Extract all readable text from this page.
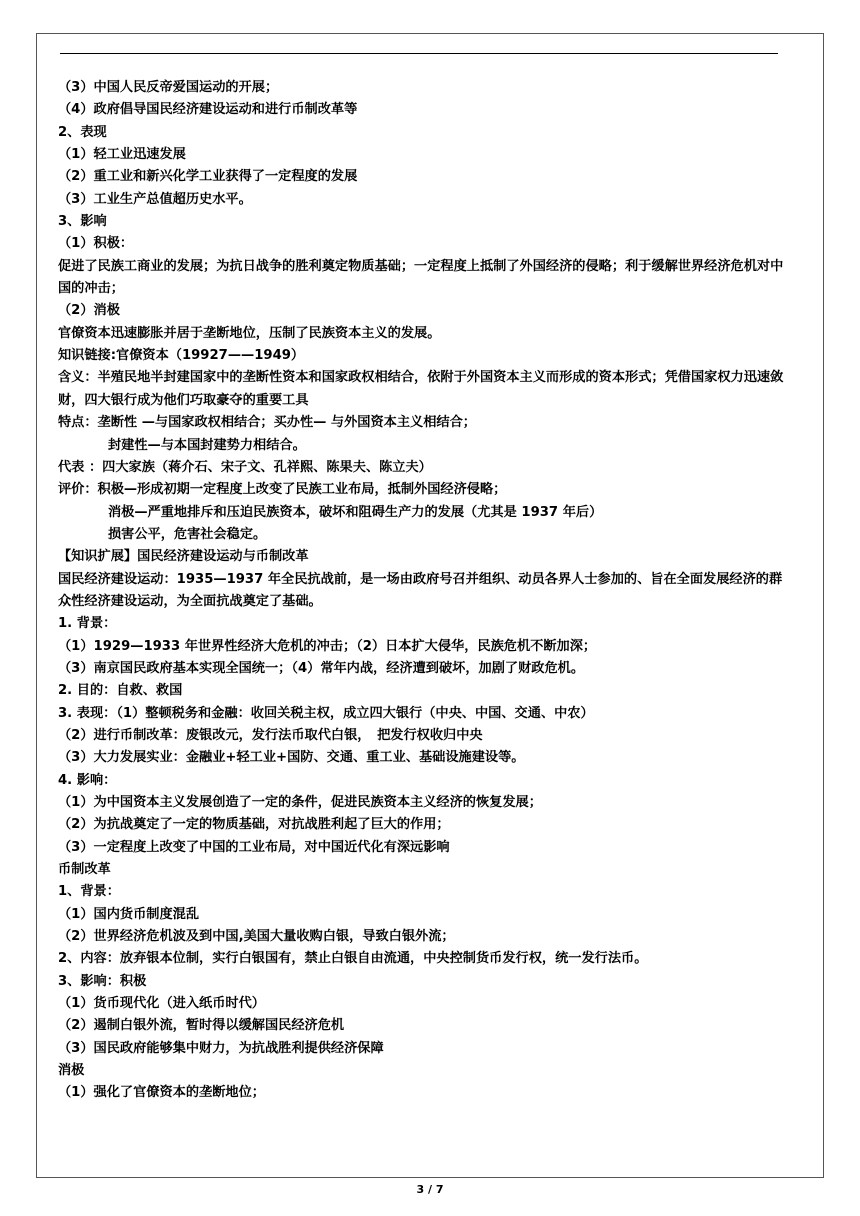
（3）中国人民反帝爱国运动的开展；
（4）政府倡导国民经济建设运动和进行币制改革等
2、表现
（1）轻工业迅速发展
（2）重工业和新兴化学工业获得了一定程度的发展
（3）工业生产总值超历史水平。
3、影响
（1）积极：
促进了民族工商业的发展；为抗日战争的胜利奠定物质基础；一定程度上抵制了外国经济的侵略；利于缓解世界经济危机对中国的冲击；
（2）消极
官僚资本迅速膨胀并居于垄断地位，压制了民族资本主义的发展。
知识链接:官僚资本（19927——1949）
含义：半殖民地半封建国家中的垄断性资本和国家政权相结合，依附于外国资本主义而形成的资本形式；凭借国家权力迅速敛财，四大银行成为他们巧取豪夺的重要工具
特点：垄断性 —与国家政权相结合；买办性— 与外国资本主义相结合；
封建性—与本国封建势力相结合。
代表 ：四大家族（蒋介石、宋子文、孔祥熙、陈果夫、陈立夫）
评价：积极—形成初期一定程度上改变了民族工业布局，抵制外国经济侵略；
消极—严重地排斥和压迫民族资本，破坏和阻碍生产力的发展（尤其是 1937 年后）
损害公平，危害社会稳定。
【知识扩展】国民经济建设运动与币制改革
国民经济建设运动：1935—1937 年全民抗战前，是一场由政府号召并组织、动员各界人士参加的、旨在全面发展经济的群众性经济建设运动，为全面抗战奠定了基础。
1. 背景：
（1）1929—1933 年世界性经济大危机的冲击；（2）日本扩大侵华，民族危机不断加深；
（3）南京国民政府基本实现全国统一；（4）常年内战，经济遭到破坏，加剧了财政危机。
2. 目的：自救、救国
3. 表现：（1）整顿税务和金融：收回关税主权，成立四大银行（中央、中国、交通、中农）
（2）进行币制改革：废银改元，发行法币取代白银，　把发行权收归中央
（3）大力发展实业：金融业+轻工业+国防、交通、重工业、基础设施建设等。
4. 影响：
（1）为中国资本主义发展创造了一定的条件，促进民族资本主义经济的恢复发展；
（2）为抗战奠定了一定的物质基础，对抗战胜利起了巨大的作用；
（3）一定程度上改变了中国的工业布局，对中国近代化有深远影响
币制改革
1、背景：
（1）国内货币制度混乱
（2）世界经济危机波及到中国,美国大量收购白银，导致白银外流；
2、内容：放弃银本位制，实行白银国有，禁止白银自由流通，中央控制货币发行权，统一发行法币。
3、影响：积极
（1）货币现代化（进入纸币时代）
（2）遏制白银外流，暂时得以缓解国民经济危机
（3）国民政府能够集中财力，为抗战胜利提供经济保障
消极
（1）强化了官僚资本的垄断地位；
3 / 7
